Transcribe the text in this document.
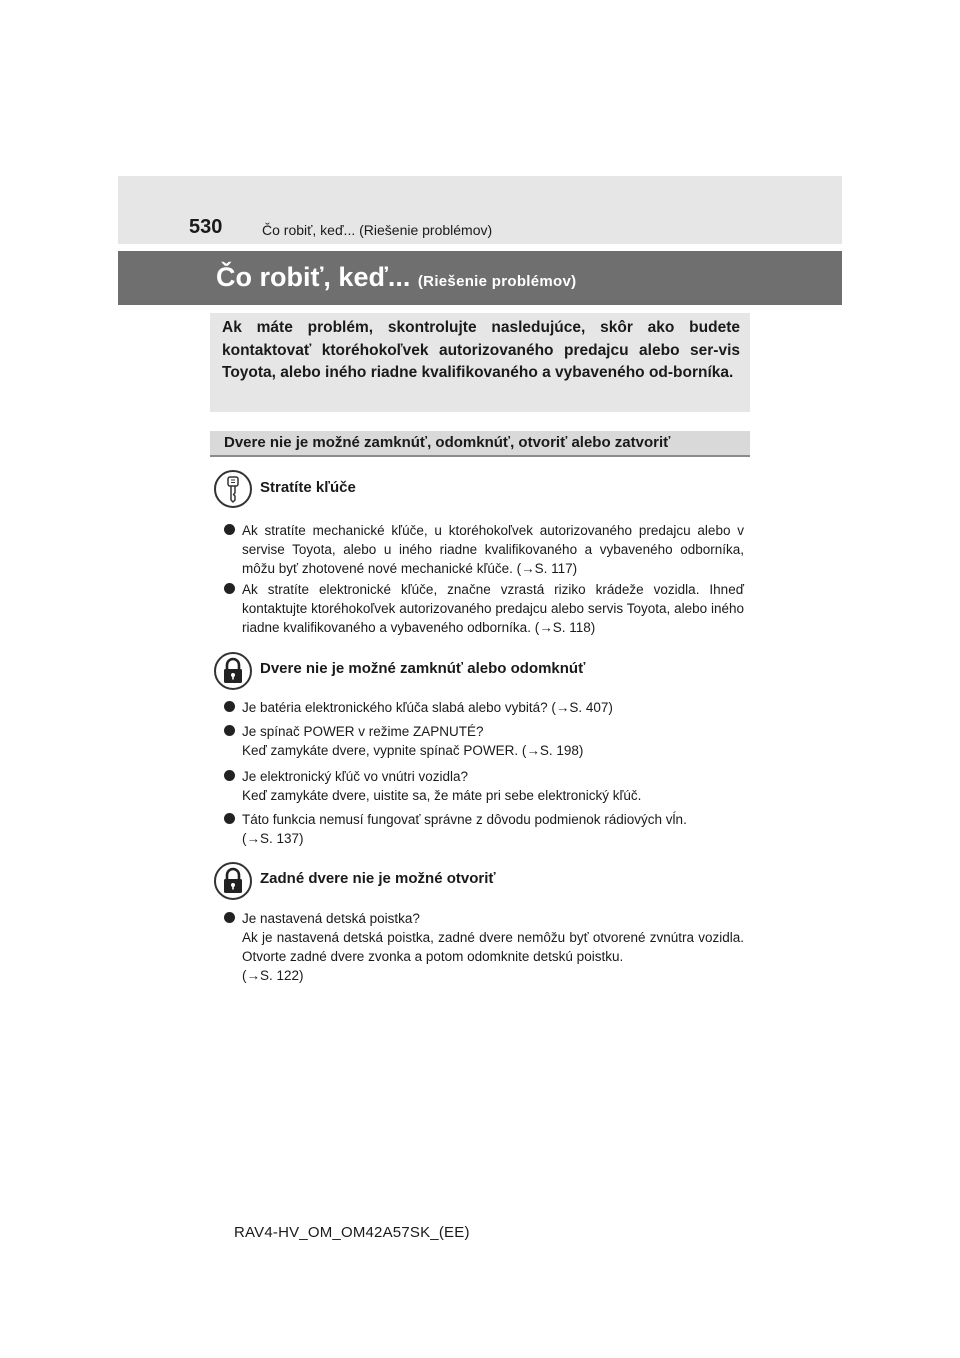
530	Čo robiť, keď... (Riešenie problémov)
Čo robiť, keď... (Riešenie problémov)
Ak máte problém, skontrolujte nasledujúce, skôr ako budete kontaktovať ktoréhokoľvek autorizovaného predajcu alebo ser-vis Toyota, alebo iného riadne kvalifikovaného a vybaveného od-borníka.
Dvere nie je možné zamknúť, odomknúť, otvoriť alebo zatvoriť
Stratíte kľúče
Ak stratíte mechanické kľúče, u ktoréhokoľvek autorizovaného predajcu alebo v servise Toyota, alebo u iného riadne kvalifikovaného a vybaveného odborníka, môžu byť zhotovené nové mechanické kľúče. (→S. 117)
Ak stratíte elektronické kľúče, značne vzrastá riziko krádeže vozidla. Ihneď kontaktujte ktoréhokoľvek autorizovaného predajcu alebo servis Toyota, alebo iného riadne kvalifikovaného a vybaveného odborníka. (→S. 118)
Dvere nie je možné zamknúť alebo odomknúť
Je batéria elektronického kľúča slabá alebo vybitá? (→S. 407)
Je spínač POWER v režime ZAPNUTÉ?
Keď zamykáte dvere, vypnite spínač POWER. (→S. 198)
Je elektronický kľúč vo vnútri vozidla?
Keď zamykáte dvere, uistite sa, že máte pri sebe elektronický kľúč.
Táto funkcia nemusí fungovať správne z dôvodu podmienok rádiových vĺn.
(→S. 137)
Zadné dvere nie je možné otvoriť
Je nastavená detská poistka?
Ak je nastavená detská poistka, zadné dvere nemôžu byť otvorené zvnútra vozidla. Otvorte zadné dvere zvonka a potom odomknite detskú poistku.
(→S. 122)
RAV4-HV_OM_OM42A57SK_(EE)
